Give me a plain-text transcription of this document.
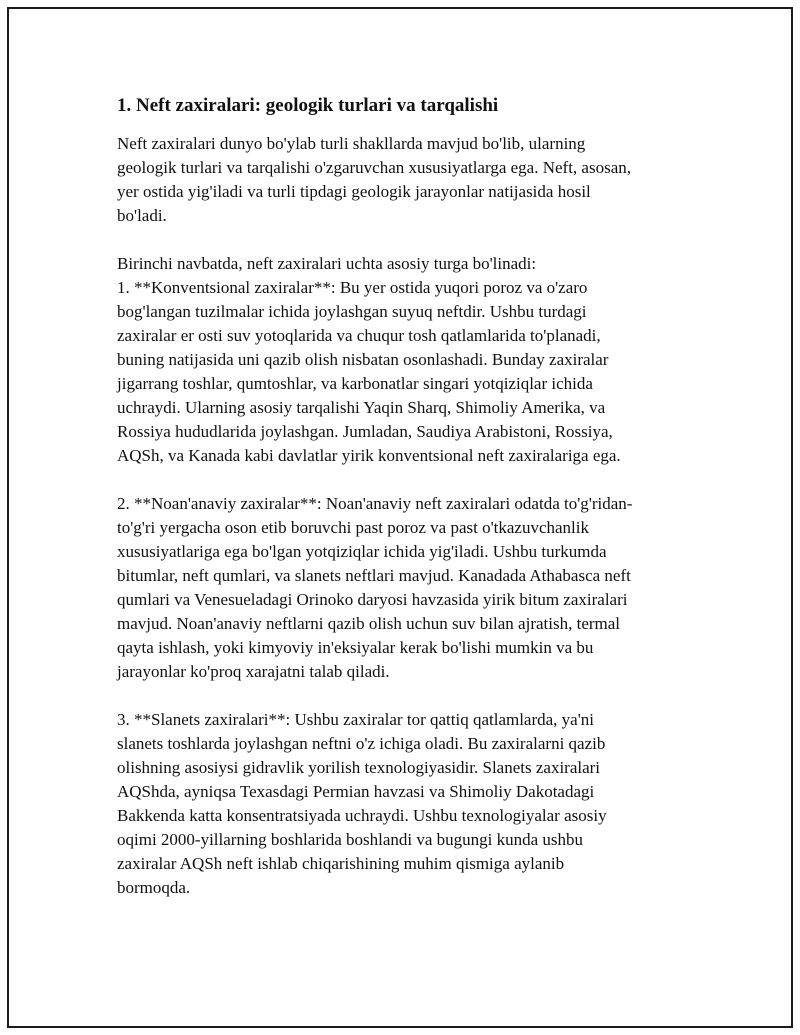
1. Neft zaxiralari: geologik turlari va tarqalishi

Neft zaxiralari dunyo bo'ylab turli shakllarda mavjud bo'lib, ularning
geologik turlari va tarqalishi o'zgaruvchan xususiyatlarga ega. Neft, asosan,
yer ostida yig'iladi va turli tipdagi geologik jarayonlar natijasida hosil
bo'ladi.

Birinchi navbatda, neft zaxiralari uchta asosiy turga bo'linadi:
1. **Konventsional zaxiralar**: Bu yer ostida yuqori poroz va o'zaro
bog'langan tuzilmalar ichida joylashgan suyuq neftdir. Ushbu turdagi
zaxiralar er osti suv yotoqlarida va chuqur tosh qatlamlarida to'planadi,
buning natijasida uni qazib olish nisbatan osonlashadi. Bunday zaxiralar
jigarrang toshlar, qumtoshlar, va karbonatlar singari yotqiziqlar ichida
uchraydi. Ularning asosiy tarqalishi Yaqin Sharq, Shimoliy Amerika, va
Rossiya hududlarida joylashgan. Jumladan, Saudiya Arabistoni, Rossiya,
AQSh, va Kanada kabi davlatlar yirik konventsional neft zaxiralariga ega.

2. **Noan'anaviy zaxiralar**: Noan'anaviy neft zaxiralari odatda to'g'ridan-
to'g'ri yergacha oson etib boruvchi past poroz va past o'tkazuvchanlik
xususiyatlariga ega bo'lgan yotqiziqlar ichida yig'iladi. Ushbu turkumda
bitumlar, neft qumlari, va slanets neftlari mavjud. Kanadada Athabasca neft
qumlari va Venesueladagi Orinoko daryosi havzasida yirik bitum zaxiralari
mavjud. Noan'anaviy neftlarni qazib olish uchun suv bilan ajratish, termal
qayta ishlash, yoki kimyoviy in'eksiyalar kerak bo'lishi mumkin va bu
jarayonlar ko'proq xarajatni talab qiladi.

3. **Slanets zaxiralari**: Ushbu zaxiralar tor qattiq qatlamlarda, ya'ni
slanets toshlarda joylashgan neftni o'z ichiga oladi. Bu zaxiralarni qazib
olishning asosiysi gidravlik yorilish texnologiyasidir. Slanets zaxiralari
AQShda, ayniqsa Texasdagi Permian havzasi va Shimoliy Dakotadagi
Bakkenda katta konsentratsiyada uchraydi. Ushbu texnologiyalar asosiy
oqimi 2000-yillarning boshlarida boshlandi va bugungi kunda ushbu
zaxiralar AQSh neft ishlab chiqarishining muhim qismiga aylanib
bormoqda.
